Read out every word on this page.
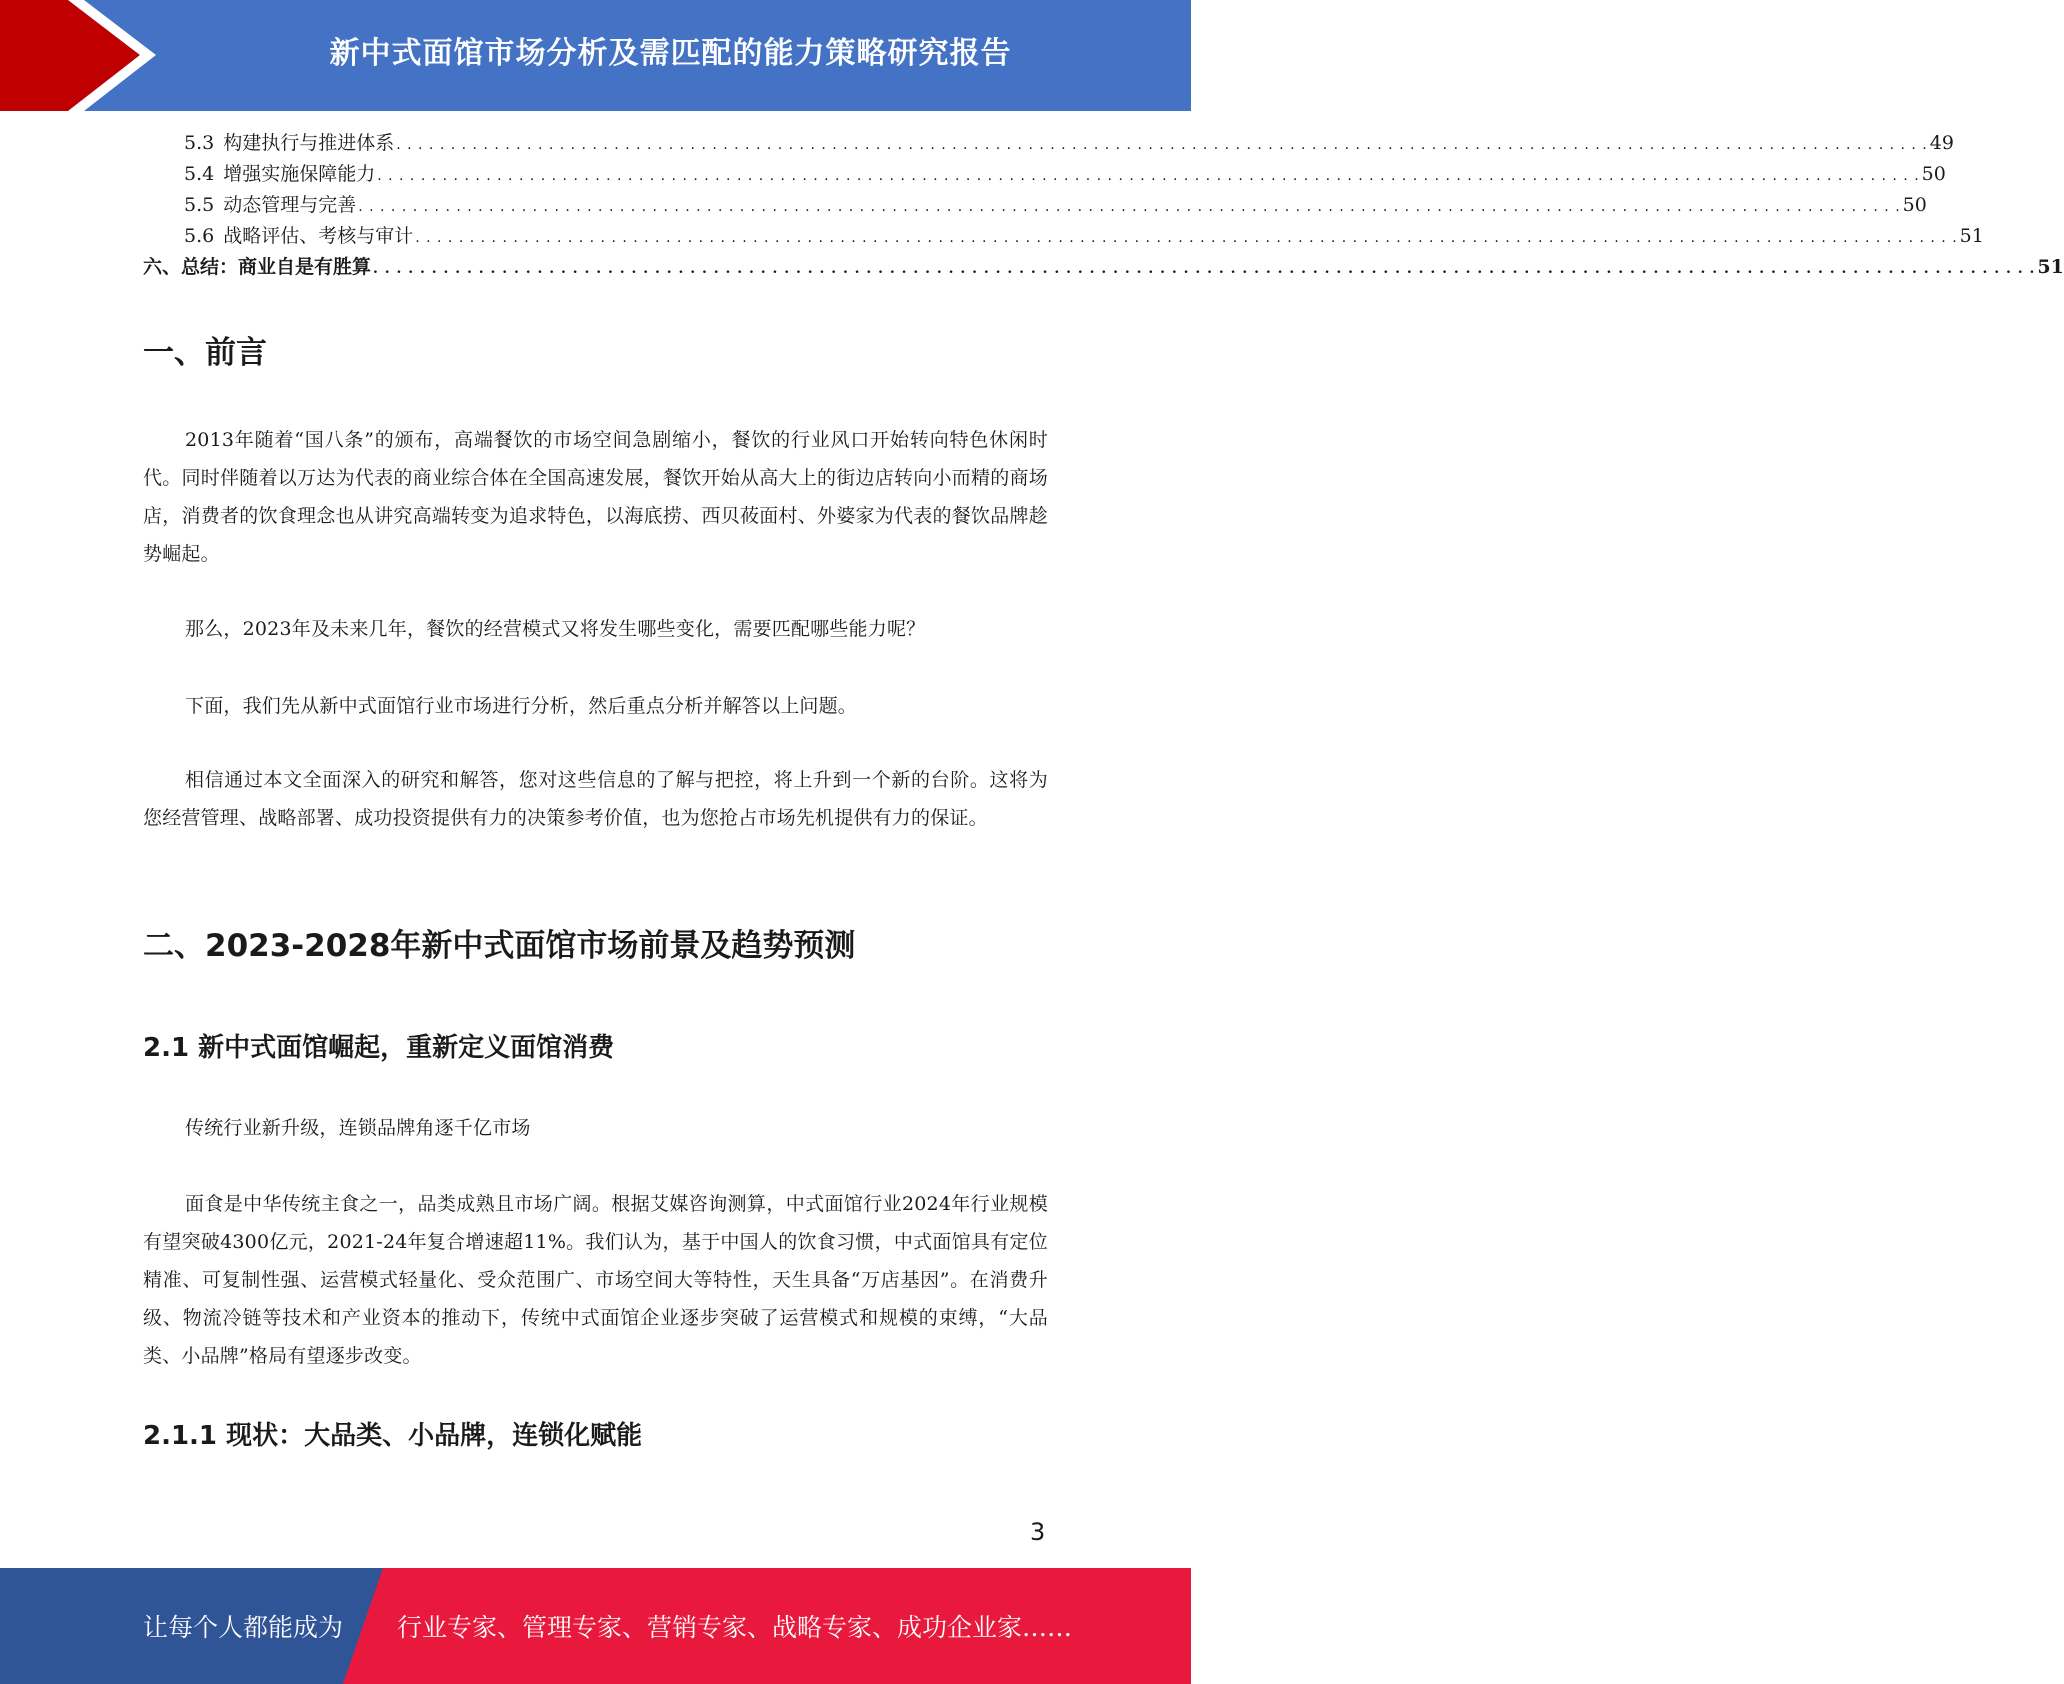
新中式面馆市场分析及需匹配的能力策略研究报告
5.3 构建执行与推进体系 . . . . . . . . . . . . . . . . . . . . . . . . . . . . . . . . . . . . . . . . . . . . . . . . . . . . . . . . . . . . . . . . . . . . . . . . . . . . . . . . . . . . . . . . . . . . . . . . . . . . . . . . . . . . . . . . . . . . . . . . . . . . . . . . . . . . . . . . . . . . . 49
5.4 增强实施保障能力 . . . . . . . . . . . . . . . . . . . . . . . . . . . . . . . . . . . . . . . . . . . . . . . . . . . . . . . . . . . . . . . . . . . . . . . . . . . . . . . . . . . . . . . . . . . . . . . . . . . . . . . . . . . . . . . . . . . . . . . . . . . . . . . . . . . . . . . . . . . . . . 50
5.5 动态管理与完善 . . . . . . . . . . . . . . . . . . . . . . . . . . . . . . . . . . . . . . . . . . . . . . . . . . . . . . . . . . . . . . . . . . . . . . . . . . . . . . . . . . . . . . . . . . . . . . . . . . . . . . . . . . . . . . . . . . . . . . . . . . . . . . . . . . . . . . . . . . . . . . 50
5.6 战略评估、考核与审计 . . . . . . . . . . . . . . . . . . . . . . . . . . . . . . . . . . . . . . . . . . . . . . . . . . . . . . . . . . . . . . . . . . . . . . . . . . . . . . . . . . . . . . . . . . . . . . . . . . . . . . . . . . . . . . . . . . . . . . . . . . . . . . . . . . . . . . . . . . . . . . 51
六、总结：商业自是有胜算 . . . . . . . . . . . . . . . . . . . . . . . . . . . . . . . . . . . . . . . . . . . . . . . . . . . . . . . . . . . . . . . . . . . . . . . . . . . . . . . . . . . . . . . . . . . . . . . . . . . . . . . . . . . . . . . . . . . . . . . . . . . . . . . . . . . . . . . . . . . . . . 51
一、前言

2013年随着“国八条”的颁布，高端餐饮的市场空间急剧缩小，餐饮的行业风口开始转向特色休闲时代。同时伴随着以万达为代表的商业综合体在全国高速发展，餐饮开始从高大上的街边店转向小而精的商场店，消费者的饮食理念也从讲究高端转变为追求特色，以海底捞、西贝莜面村、外婆家为代表的餐饮品牌趁势崛起。

那么，2023年及未来几年，餐饮的经营模式又将发生哪些变化，需要匹配哪些能力呢？

下面，我们先从新中式面馆行业市场进行分析，然后重点分析并解答以上问题。

相信通过本文全面深入的研究和解答，您对这些信息的了解与把控，将上升到一个新的台阶。这将为您经营管理、战略部署、成功投资提供有力的决策参考价值，也为您抢占市场先机提供有力的保证。

二、2023-2028年新中式面馆市场前景及趋势预测
2.1 新中式面馆崛起，重新定义面馆消费

传统行业新升级，连锁品牌角逐千亿市场

面食是中华传统主食之一，品类成熟且市场广阔。根据艾媒咨询测算，中式面馆行业2024年行业规模有望突破4300亿元，2021-24年复合增速超11%。我们认为，基于中国人的饮食习惯，中式面馆具有定位精准、可复制性强、运营模式轻量化、受众范围广、市场空间大等特性，天生具备“万店基因”。在消费升级、物流冷链等技术和产业资本的推动下，传统中式面馆企业逐步突破了运营模式和规模的束缚，“大品类、小品牌”格局有望逐步改变。

2.1.1 现状：大品类、小品牌，连锁化赋能
3
让每个人都能成为 行业专家、管理专家、营销专家、战略专家、成功企业家……
